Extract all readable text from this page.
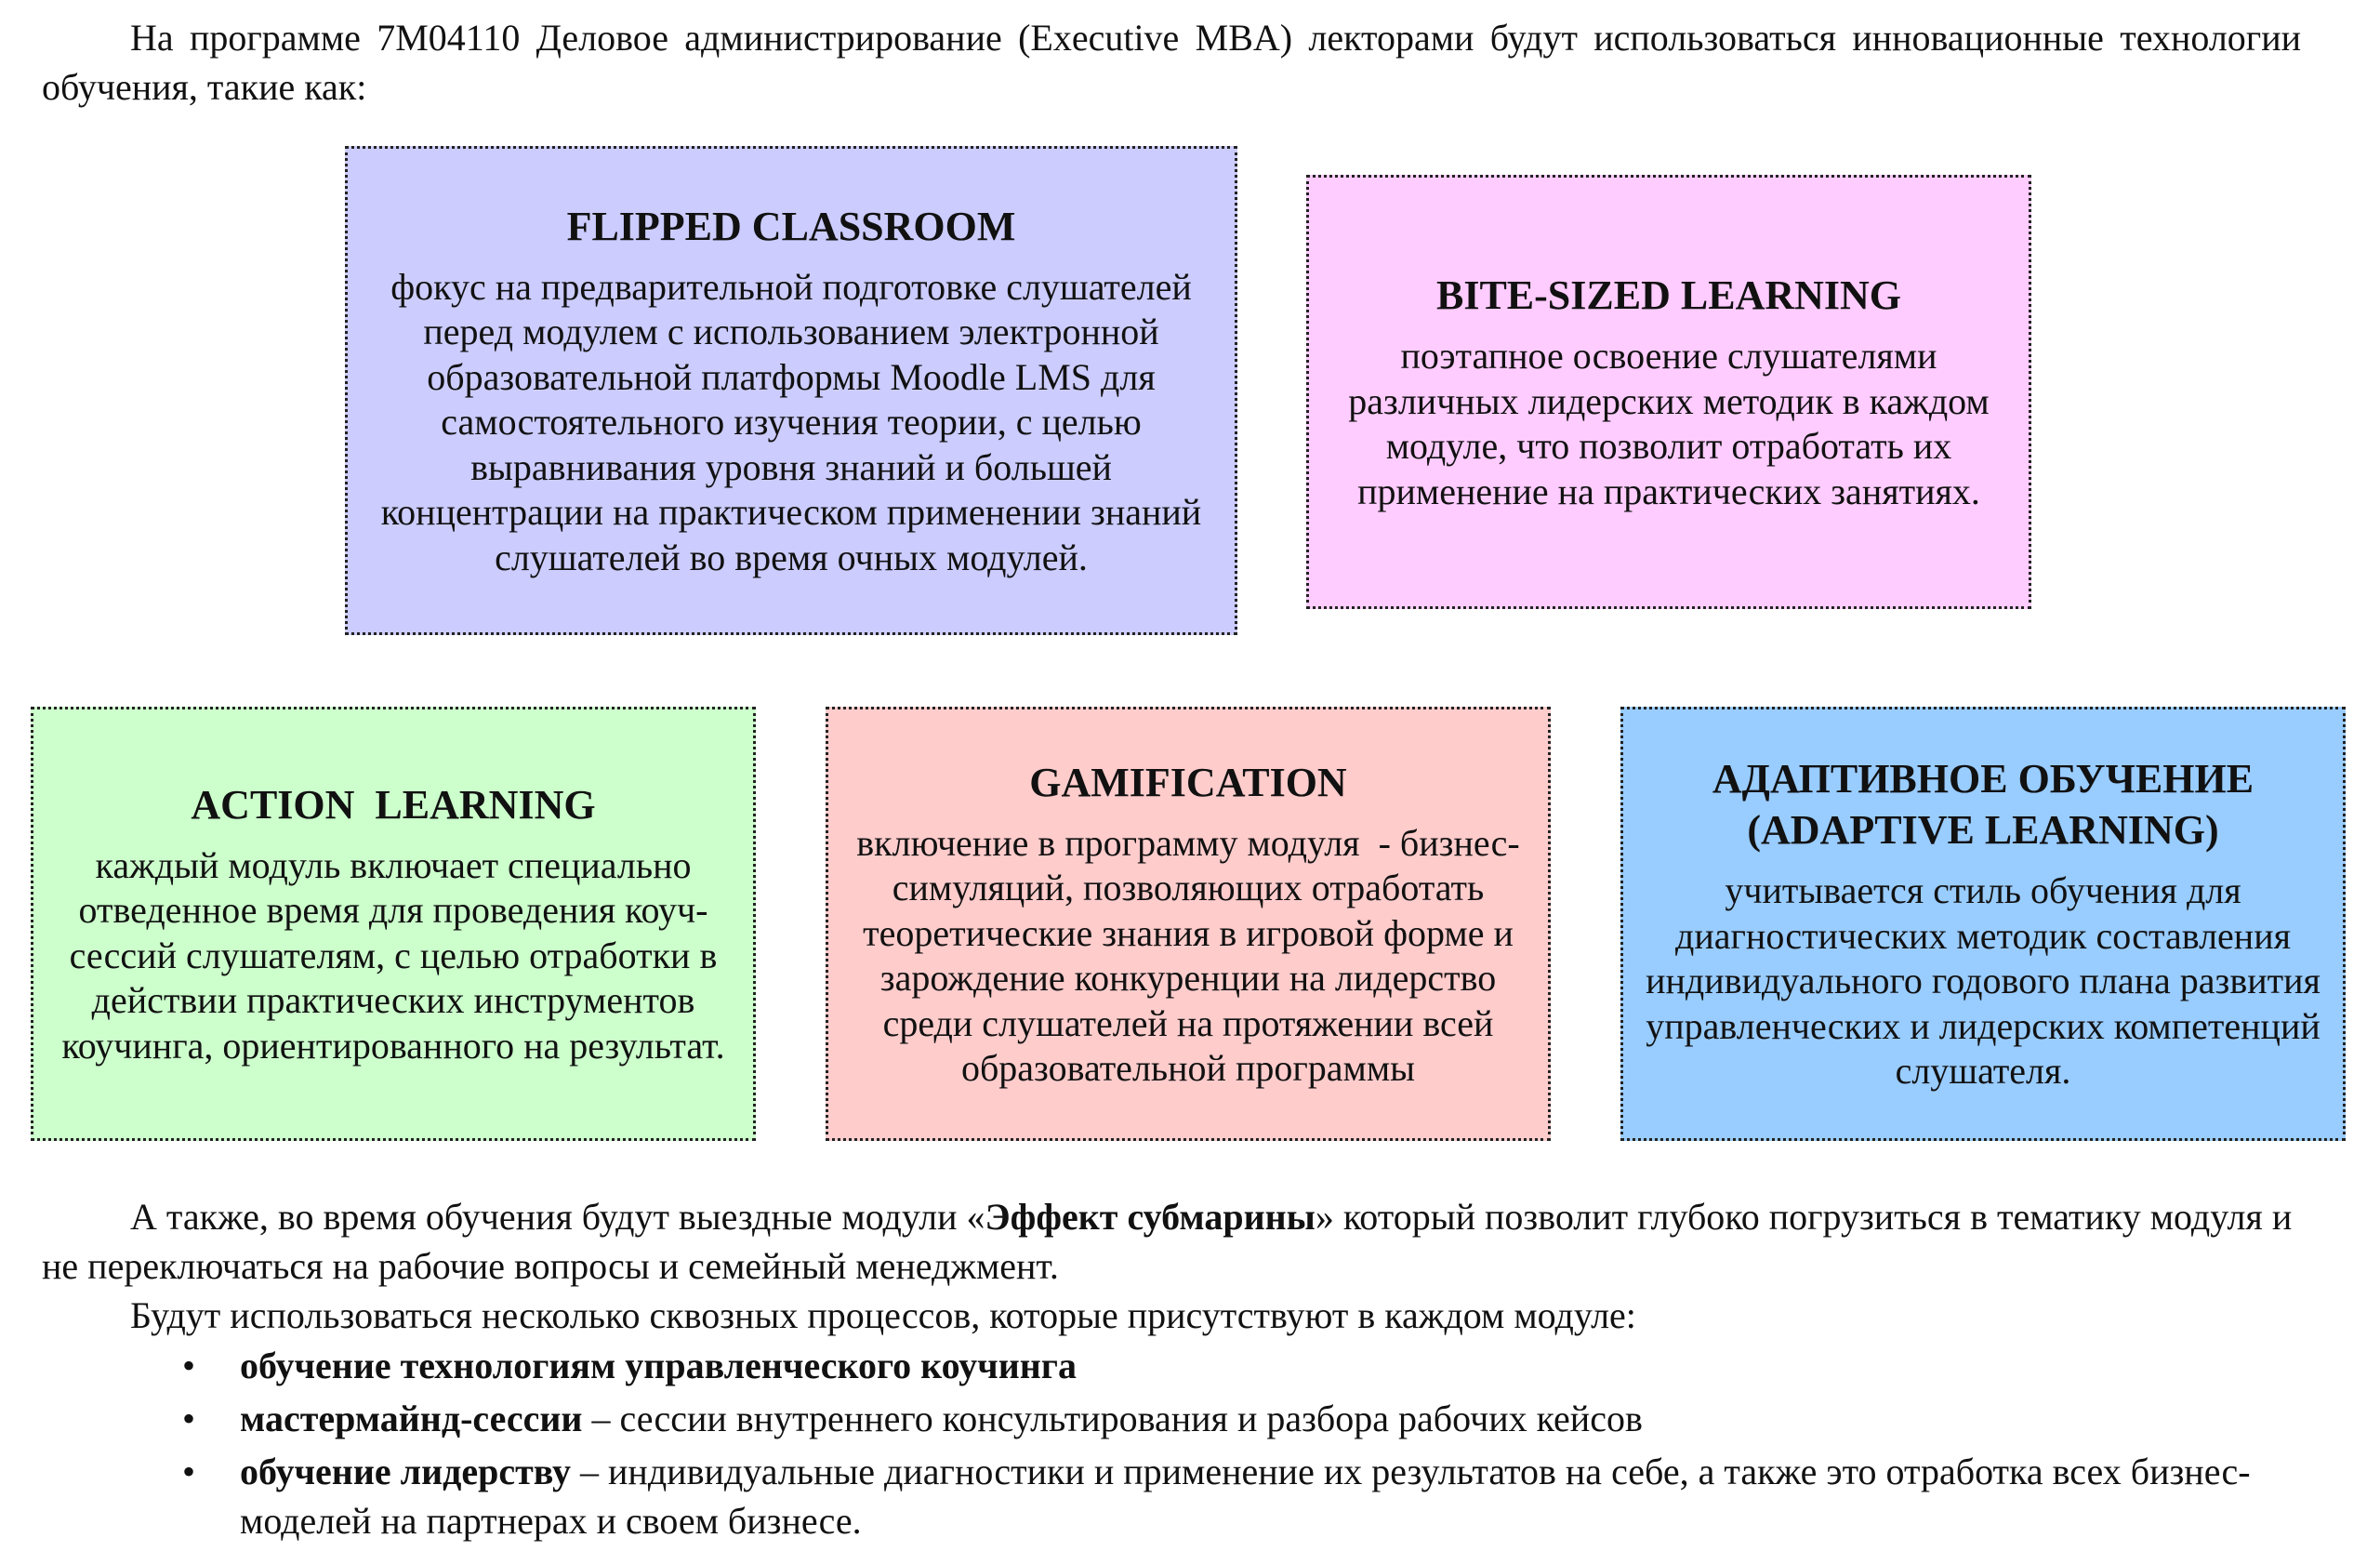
На программе 7М04110 Деловое администрирование (Executive MBA) лекторами будут использоваться инновационные технологии обучения, такие как:

FLIPPED CLASSROOM

фокус на предварительной подготовке слушателей перед модулем с использованием электронной образовательной платформы Moodle LMS для самостоятельного изучения теории, с целью выравнивания уровня знаний и большей концентрации на практическом применении знаний слушателей во время очных модулей.

BITE-SIZED LEARNING

поэтапное освоение слушателями различных лидерских методик в каждом модуле, что позволит отработать их применение на практических занятиях.

ACTION  LEARNING

каждый модуль включает специально отведенное время для проведения коуч-сессий слушателям, с целью отработки в действии практических инструментов коучинга, ориентированного на результат.

GAMIFICATION

включение в программу модуля  - бизнес-симуляций, позволяющих отработать теоретические знания в игровой форме и зарождение конкуренции на лидерство среди слушателей на протяжении всей образовательной программы

АДАПТИВНОЕ ОБУЧЕНИЕ (ADAPTIVE LEARNING)

учитывается стиль обучения для диагностических методик составления индивидуального годового плана развития управленческих и лидерских компетенций слушателя.

А также, во время обучения будут выездные модули «Эффект субмарины» который позволит глубоко погрузиться в тематику модуля и не переключаться на рабочие вопросы и семейный менеджмент.

Будут использоваться несколько сквозных процессов, которые присутствуют в каждом модуле:

• обучение технологиям управленческого коучинга
• мастермайнд-сессии – сессии внутреннего консультирования и разбора рабочих кейсов
• обучение лидерству – индивидуальные диагностики и применение их результатов на себе, а также это отработка всех бизнес-моделей на партнерах и своем бизнесе.
